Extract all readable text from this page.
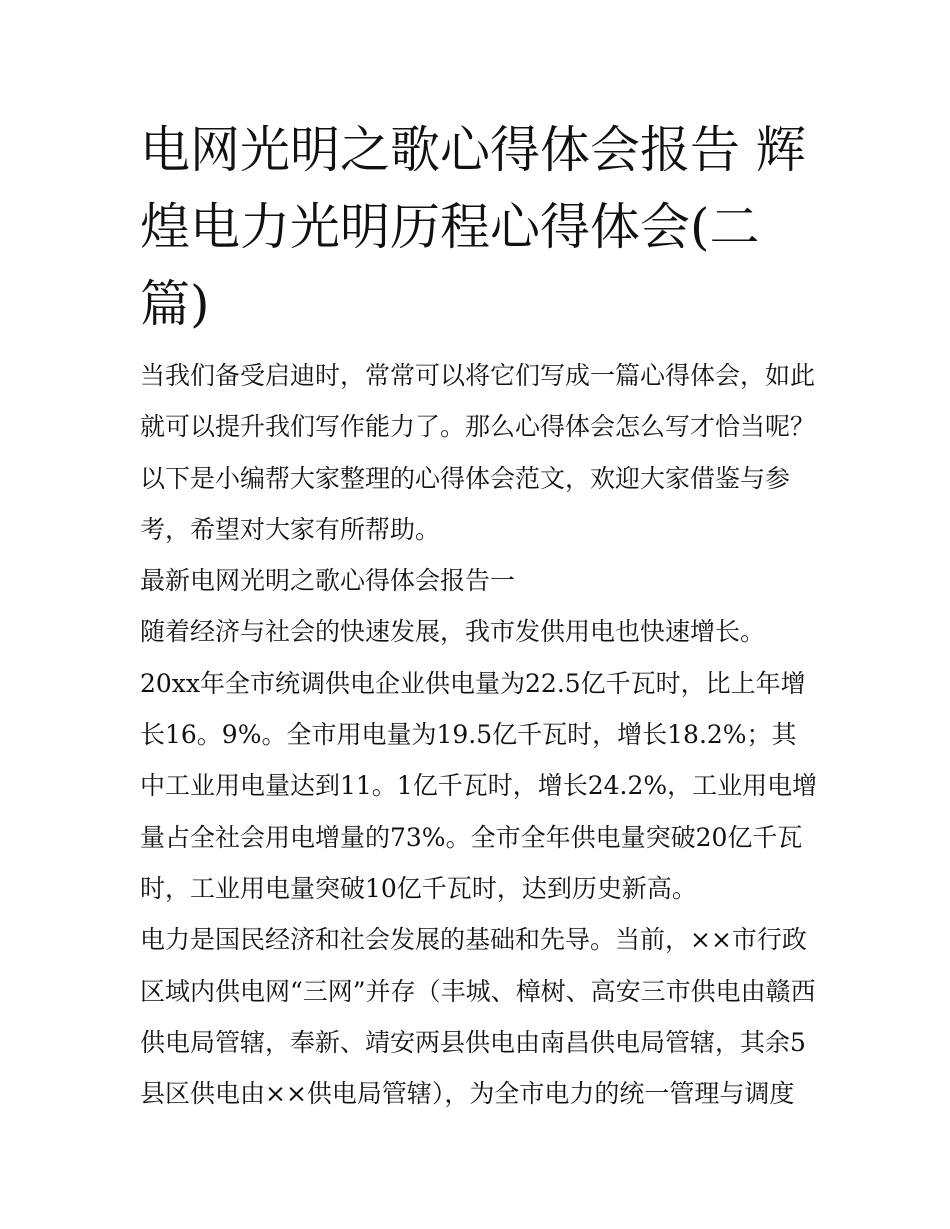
电网光明之歌心得体会报告 辉煌电力光明历程心得体会(二篇)

当我们备受启迪时，常常可以将它们写成一篇心得体会，如此就可以提升我们写作能力了。那么心得体会怎么写才恰当呢？以下是小编帮大家整理的心得体会范文，欢迎大家借鉴与参考，希望对大家有所帮助。

最新电网光明之歌心得体会报告一

随着经济与社会的快速发展，我市发供用电也快速增长。20xx年全市统调供电企业供电量为22.5亿千瓦时，比上年增长16。9%。全市用电量为19.5亿千瓦时，增长18.2%；其中工业用电量达到11。1亿千瓦时，增长24.2%，工业用电增量占全社会用电增量的73%。全市全年供电量突破20亿千瓦时，工业用电量突破10亿千瓦时，达到历史新高。

电力是国民经济和社会发展的基础和先导。当前，××市行政区域内供电网“三网”并存（丰城、樟树、高安三市供电由赣西供电局管辖，奉新、靖安两县供电由南昌供电局管辖，其余5县区供电由××供电局管辖），为全市电力的统一管理与调度
